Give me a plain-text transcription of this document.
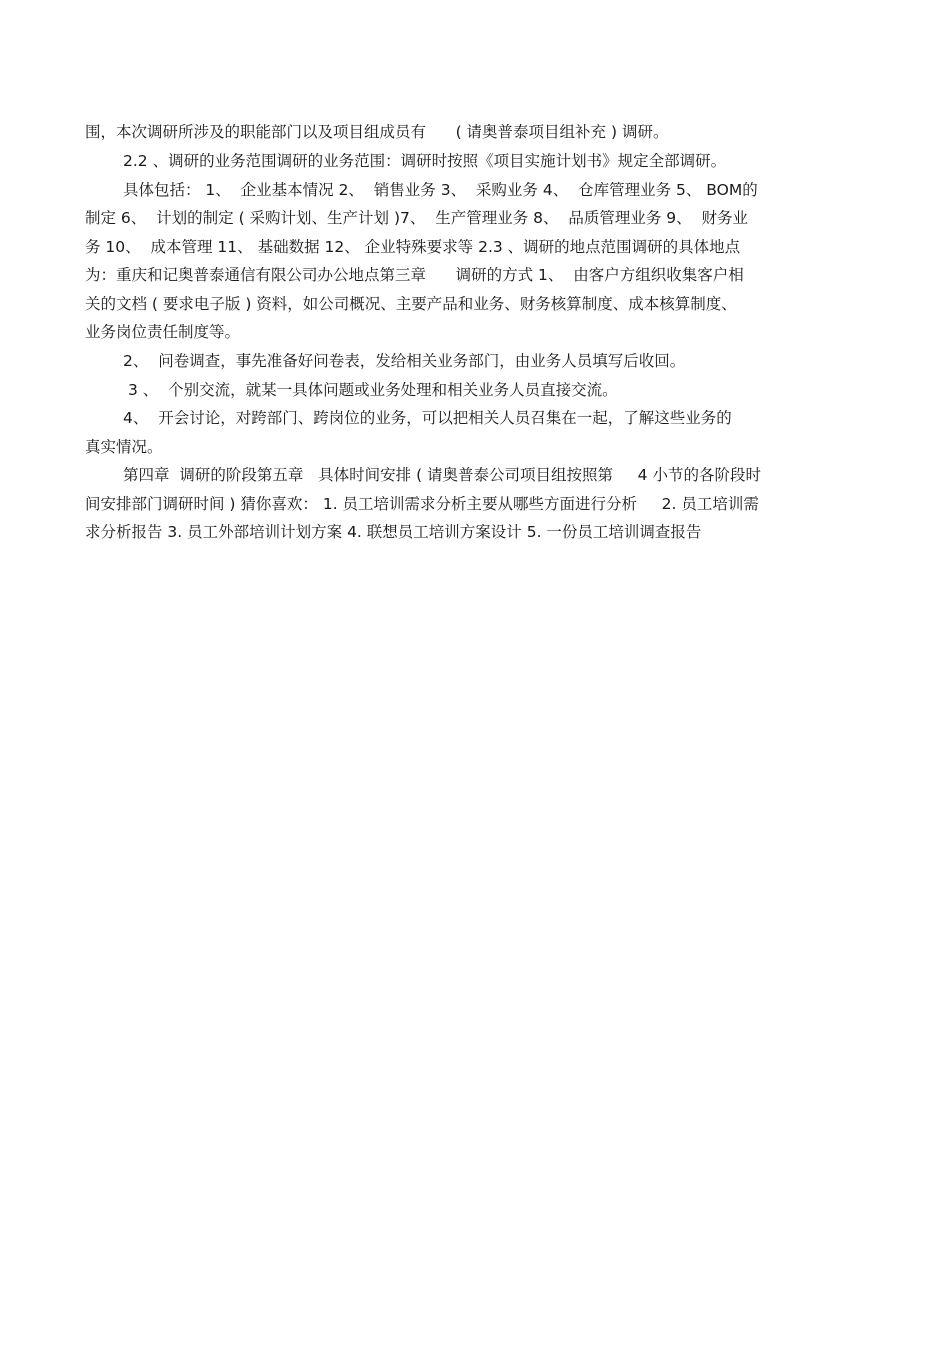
围，本次调研所涉及的职能部门以及项目组成员有      ( 请奥普泰项目组补充 ) 调研。
2.2 、调研的业务范围调研的业务范围：调研时按照《项目实施计划书》规定全部调研。
具体包括： 1、  企业基本情况 2、  销售业务 3、  采购业务 4、  仓库管理业务 5、 BOM的
制定 6、  计划的制定 ( 采购计划、生产计划 )7、  生产管理业务 8、  品质管理业务 9、  财务业
务 10、  成本管理 11、 基础数据 12、 企业特殊要求等 2.3 、调研的地点范围调研的具体地点
为：重庆和记奥普泰通信有限公司办公地点第三章      调研的方式 1、  由客户方组织收集客户相
关的文档 ( 要求电子版 ) 资料，如公司概况、主要产品和业务、财务核算制度、成本核算制度、
业务岗位责任制度等。
2、  问卷调查，事先准备好问卷表，发给相关业务部门，由业务人员填写后收回。
3 、  个别交流，就某一具体问题或业务处理和相关业务人员直接交流。
4、  开会讨论，对跨部门、跨岗位的业务，可以把相关人员召集在一起，了解这些业务的
真实情况。
第四章  调研的阶段第五章   具体时间安排 ( 请奥普泰公司项目组按照第     4 小节的各阶段时
间安排部门调研时间 ) 猜你喜欢： 1. 员工培训需求分析主要从哪些方面进行分析     2. 员工培训需
求分析报告 3. 员工外部培训计划方案 4. 联想员工培训方案设计 5. 一份员工培训调查报告
